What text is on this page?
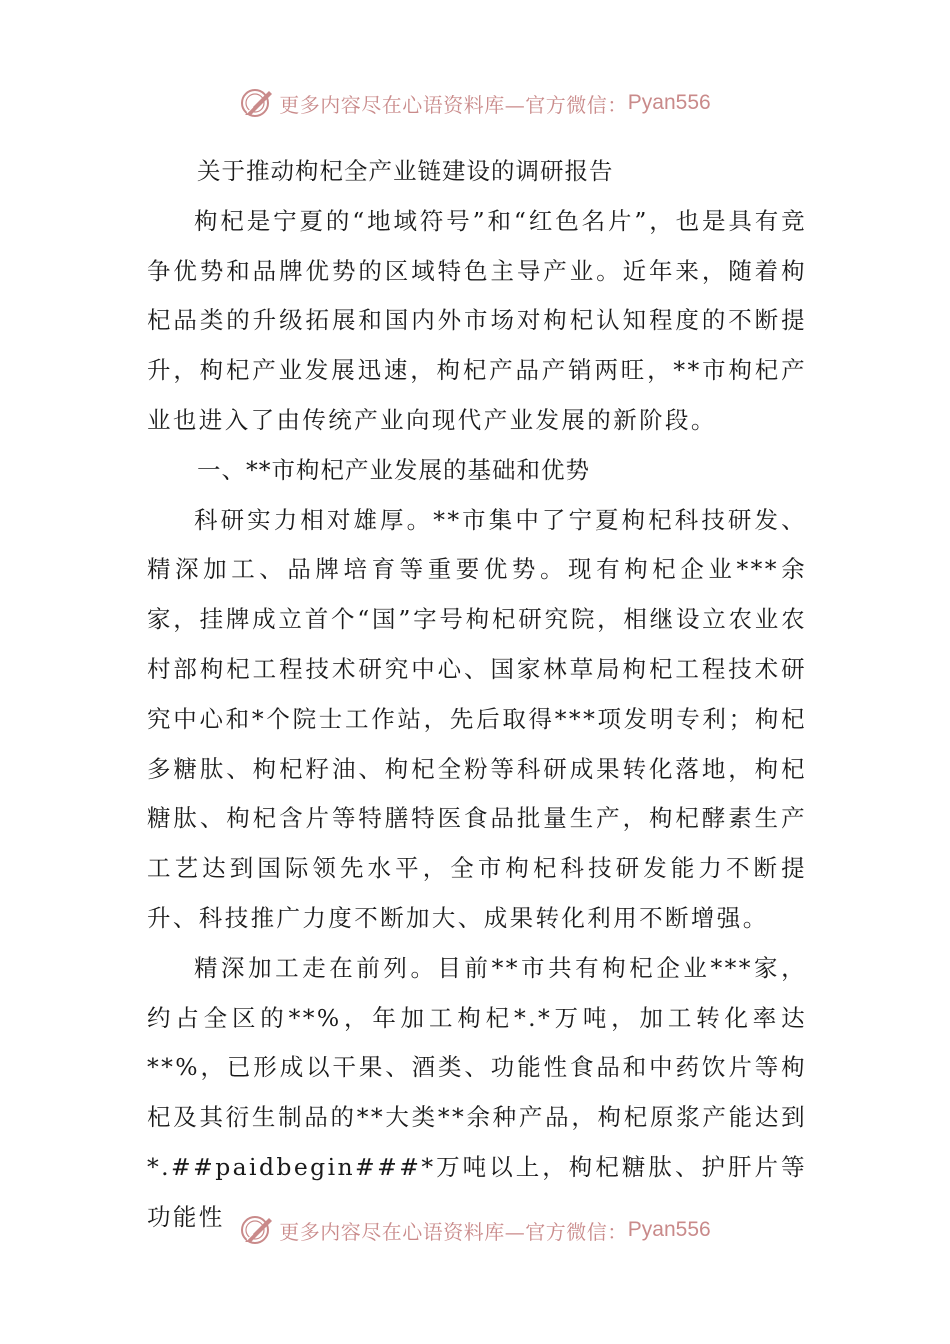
更多内容尽在心语资料库—官方微信： Pyan556
关于推动枸杞全产业链建设的调研报告

枸杞是宁夏的“地域符号”和“红色名片”，也是具有竞争优势和品牌优势的区域特色主导产业。近年来，随着枸杞品类的升级拓展和国内外市场对枸杞认知程度的不断提升，枸杞产业发展迅速，枸杞产品产销两旺，**市枸杞产业也进入了由传统产业向现代产业发展的新阶段。

一、**市枸杞产业发展的基础和优势

科研实力相对雄厚。**市集中了宁夏枸杞科技研发、精深加工、品牌培育等重要优势。现有枸杞企业***余家，挂牌成立首个“国”字号枸杞研究院，相继设立农业农村部枸杞工程技术研究中心、国家林草局枸杞工程技术研究中心和*个院士工作站，先后取得***项发明专利；枸杞多糖肽、枸杞籽油、枸杞全粉等科研成果转化落地，枸杞糖肽、枸杞含片等特膳特医食品批量生产，枸杞酵素生产工艺达到国际领先水平，全市枸杞科技研发能力不断提升、科技推广力度不断加大、成果转化利用不断增强。

精深加工走在前列。目前**市共有枸杞企业***家，约占全区的**%，年加工枸杞*.*万吨，加工转化率达**%，已形成以干果、酒类、功能性食品和中药饮片等枸杞及其衍生制品的**大类**余种产品，枸杞原浆产能达到*.##paidbegin###*万吨以上，枸杞糖肽、护肝片等功能性

更多内容尽在心语资料库—官方微信： Pyan556
